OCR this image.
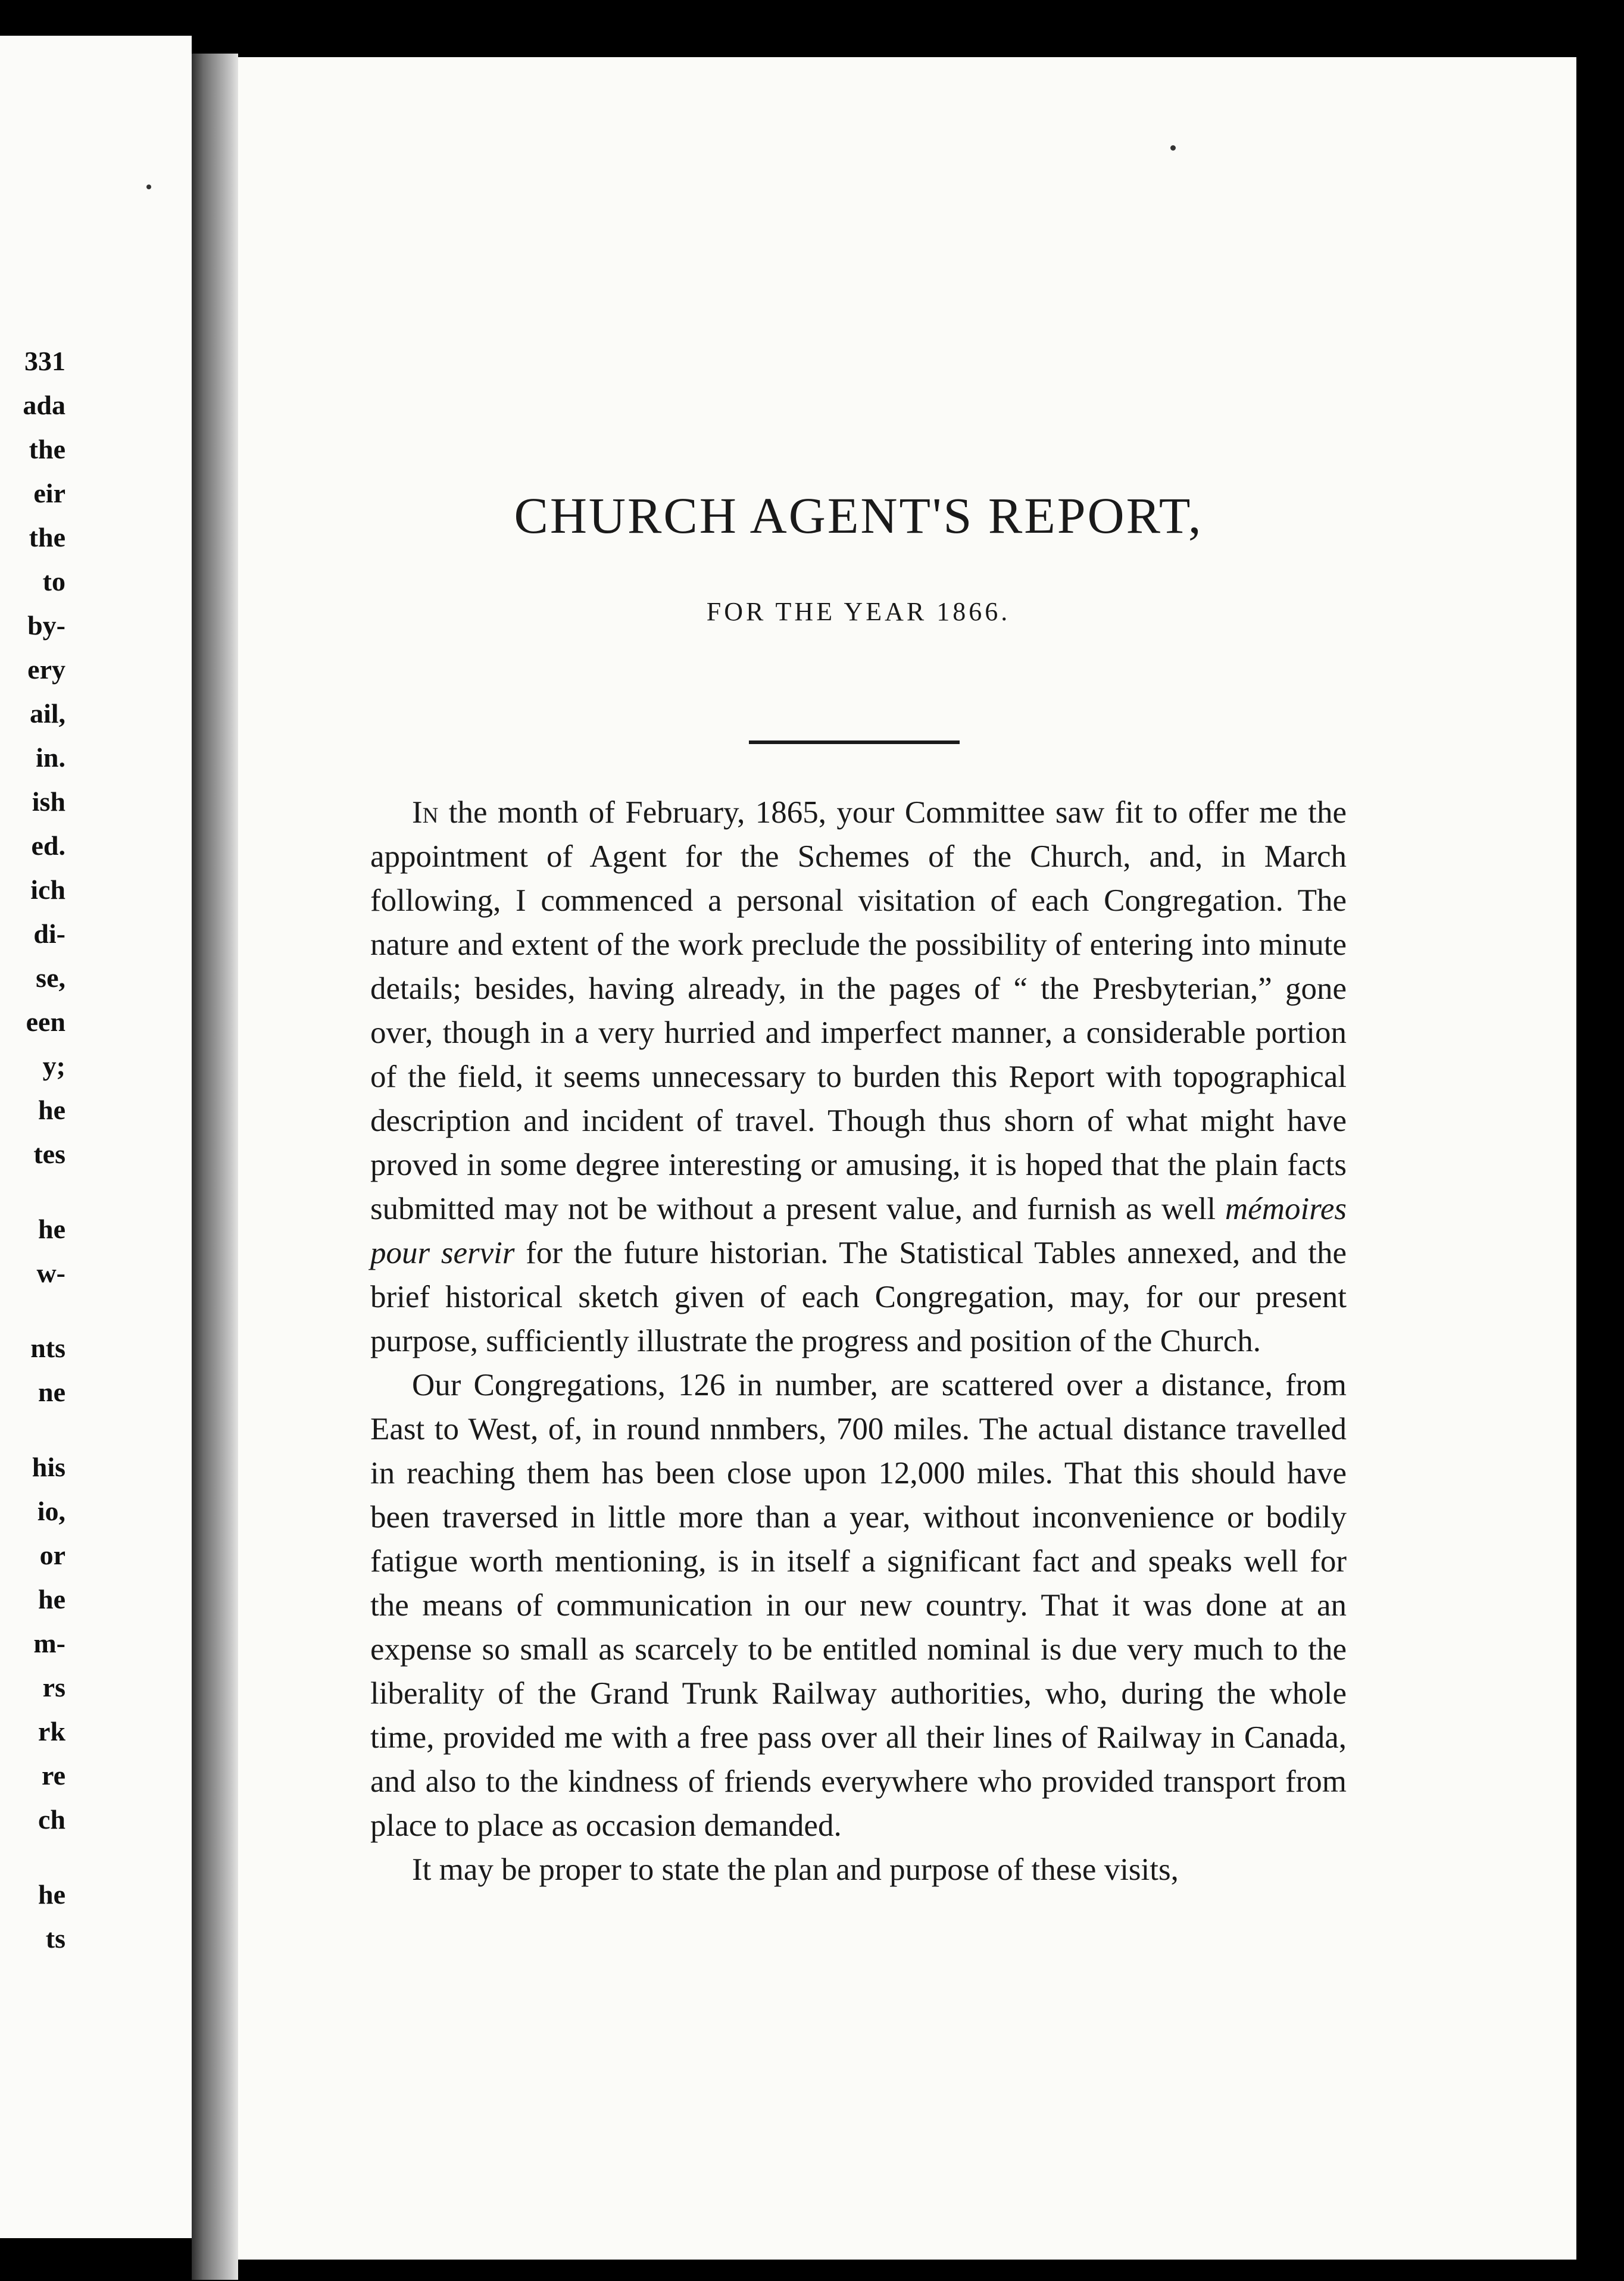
331
ada
the
eir
the
to
by-
ery
ail,
in.
ish
ed.
ich
di-
se,
een
y;
he
tes
he
w-
nts
ne
his
io,
or
he
m-
rs
rk
re
ch
he
ts
CHURCH AGENT'S REPORT,
FOR THE YEAR 1866.

In the month of February, 1865, your Committee saw fit to offer me the appointment of Agent for the Schemes of the Church, and, in March following, I commenced a personal visitation of each Congregation. The nature and extent of the work preclude the possibility of entering into minute details; besides, having already, in the pages of “ the Presbyterian,” gone over, though in a very hurried and imperfect manner, a considerable portion of the field, it seems unnecessary to burden this Report with topographical description and incident of travel. Though thus shorn of what might have proved in some degree interesting or amusing, it is hoped that the plain facts submitted may not be without a present value, and furnish as well mémoires pour servir for the future historian. The Statistical Tables annexed, and the brief historical sketch given of each Congregation, may, for our present purpose, sufficiently illustrate the progress and position of the Church.

Our Congregations, 126 in number, are scattered over a distance, from East to West, of, in round nnmbers, 700 miles. The actual distance travelled in reaching them has been close upon 12,000 miles. That this should have been traversed in little more than a year, without inconvenience or bodily fatigue worth mentioning, is in itself a significant fact and speaks well for the means of communication in our new country. That it was done at an expense so small as scarcely to be entitled nominal is due very much to the liberality of the Grand Trunk Railway authorities, who, during the whole time, provided me with a free pass over all their lines of Railway in Canada, and also to the kindness of friends everywhere who provided transport from place to place as occasion demanded.

It may be proper to state the plan and purpose of these visits,
